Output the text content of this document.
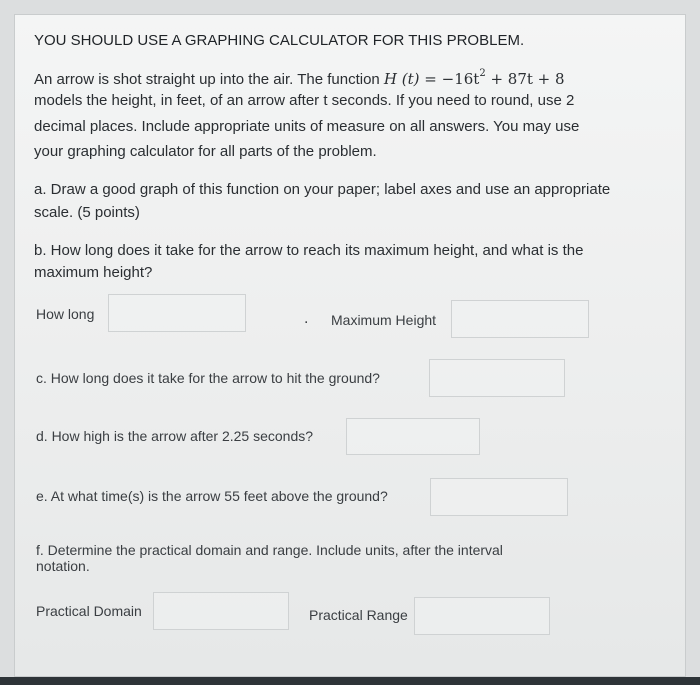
YOU SHOULD USE A GRAPHING CALCULATOR FOR THIS PROBLEM.
An arrow is shot straight up into the air. The function H $(t) = -16t^2 + 87t + 8$
models the height, in feet, of an arrow after t seconds. If you need to round, use 2
decimal places. Include appropriate units of measure on all answers. You may use
your graphing calculator for all parts of the problem.
a. Draw a good graph of this function on your paper; label axes and use an appropriate
scale. (5 points)
b. How long does it take for the arrow to reach its maximum height, and what is the
maximum height?
How long	. Maximum Height
c. How long does it take for the arrow to hit the ground?
d. How high is the arrow after 2.25 seconds?
e. At what time(s) is the arrow 55 feet above the ground?
f. Determine the practical domain and range. Include units, after the interval
notation.
Practical Domain	Practical Range
